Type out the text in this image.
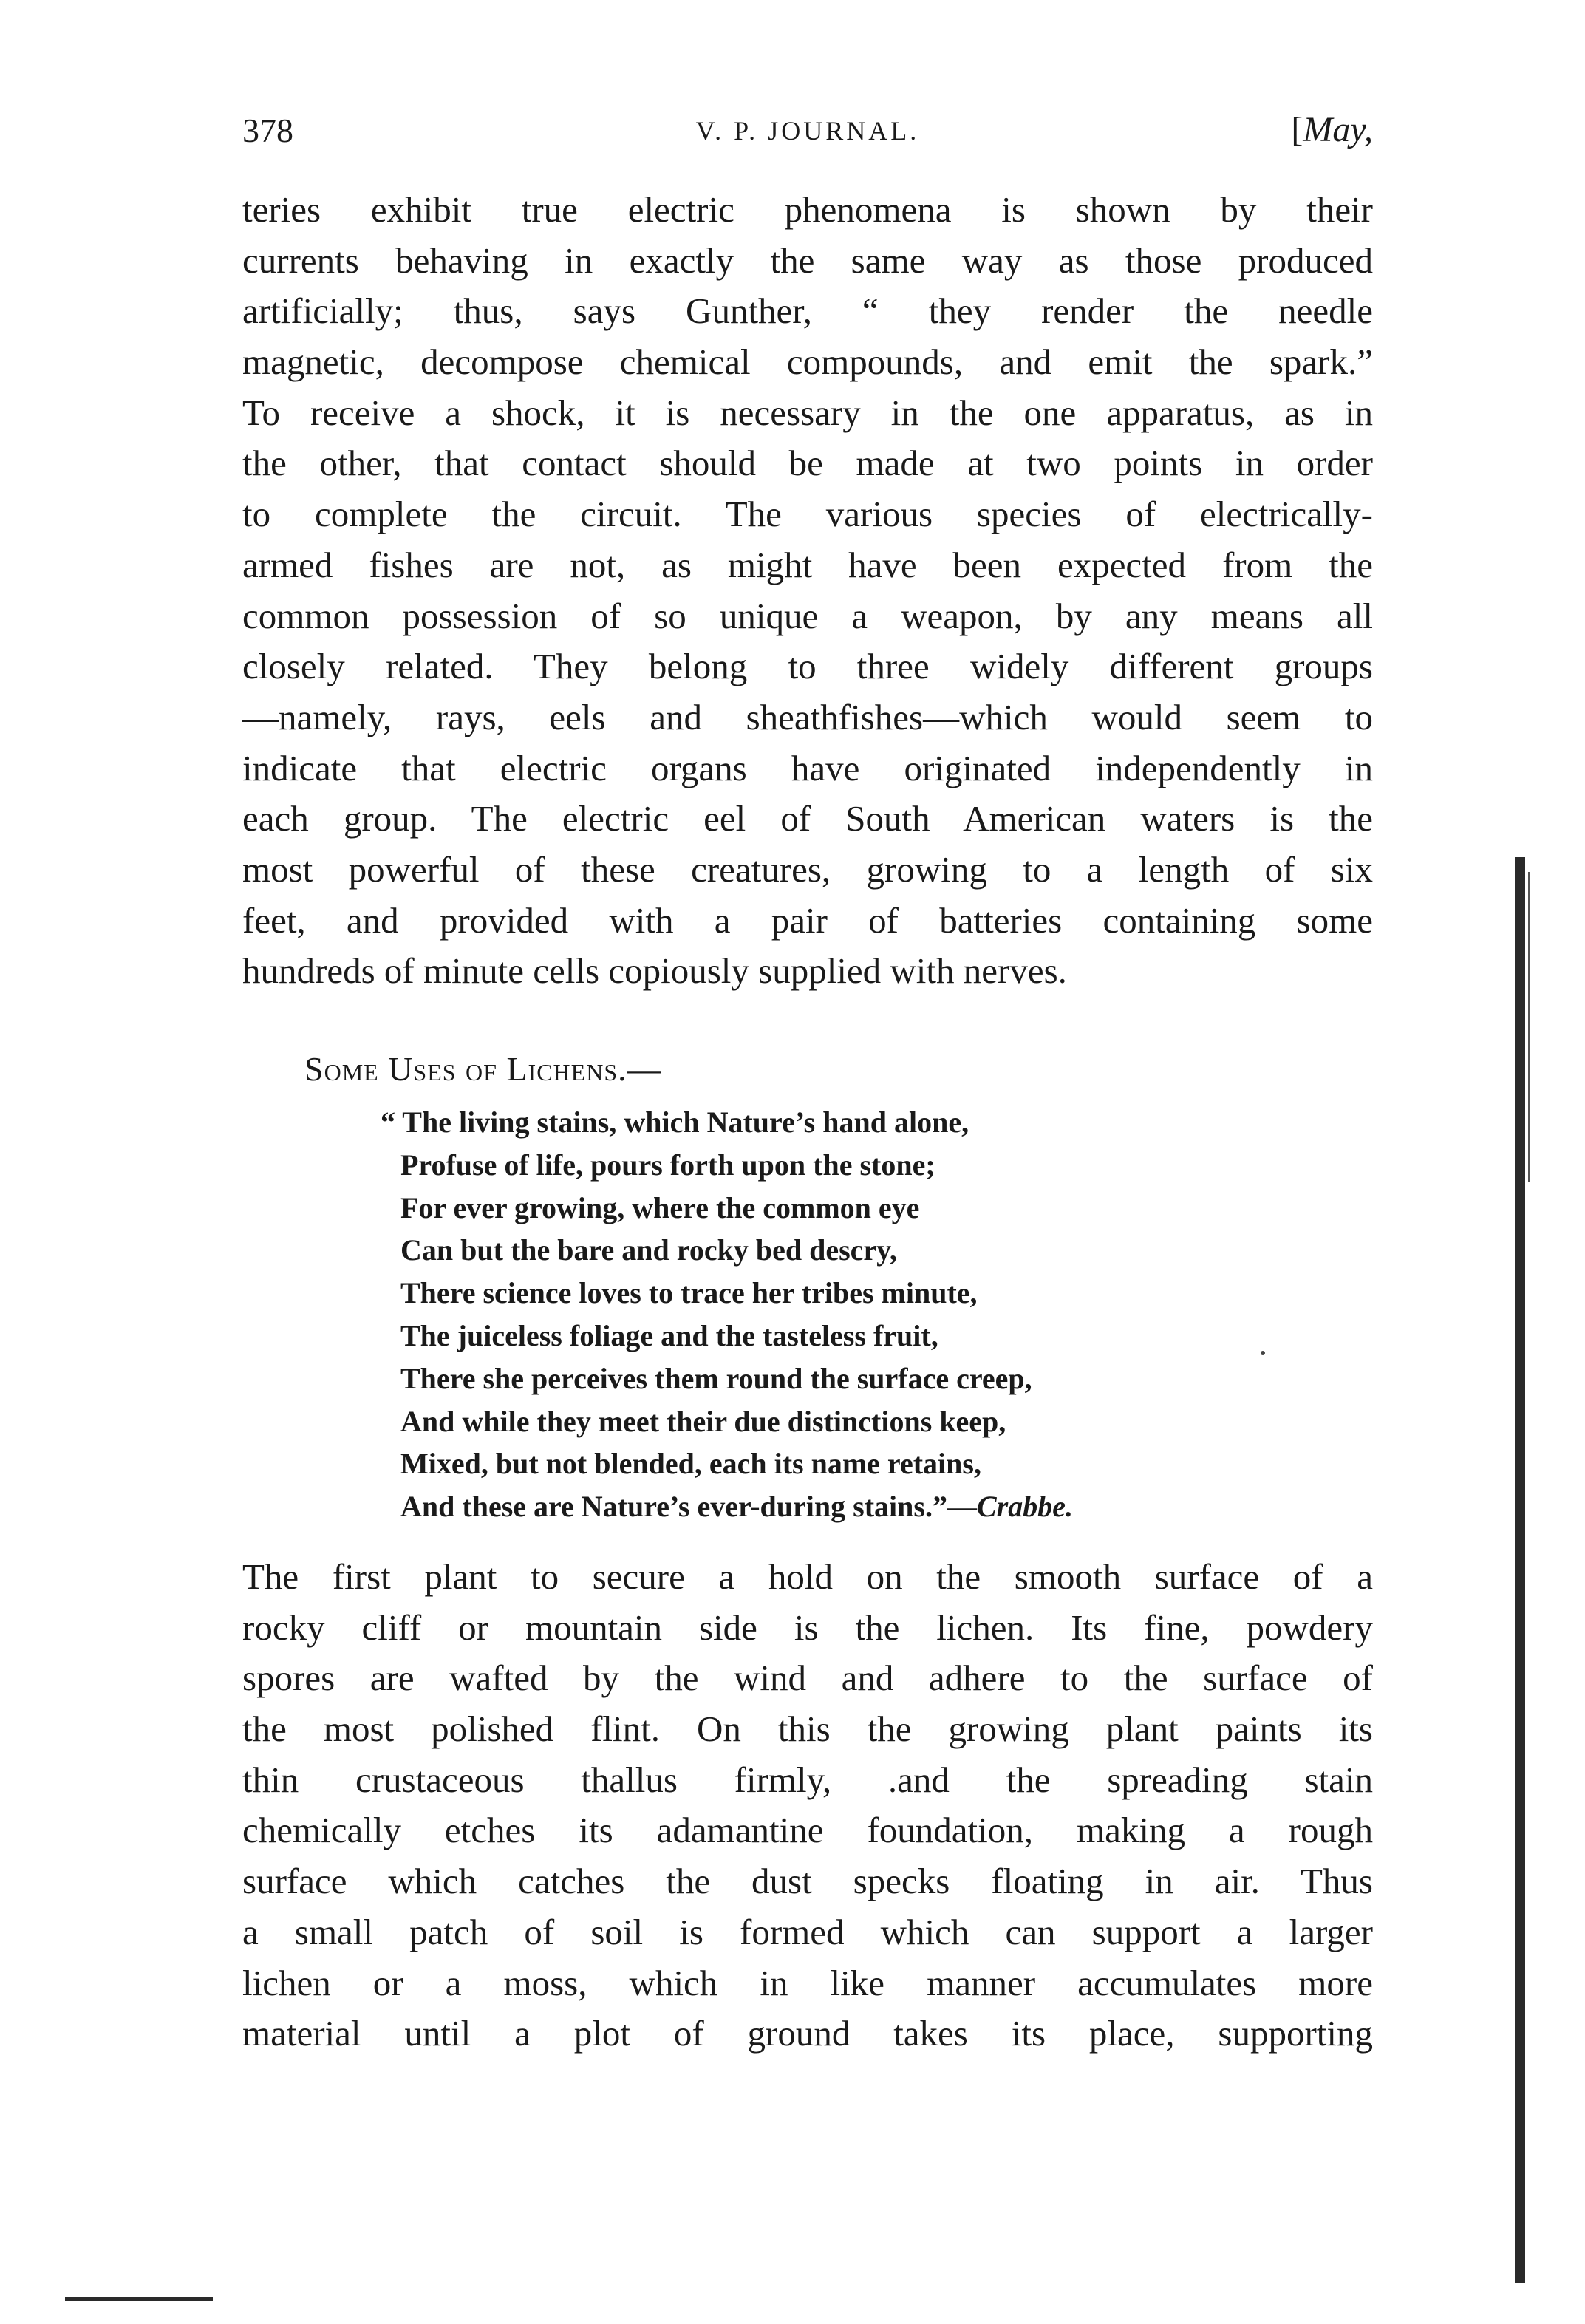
378	V. P. JOURNAL.	[May,
teries exhibit true electric phenomena is shown by their
currents behaving in exactly the same way as those produced
artificially; thus, says Gunther, “ they render the needle
magnetic, decompose chemical compounds, and emit the spark.”
To receive a shock, it is necessary in the one apparatus, as in
the other, that contact should be made at two points in order
to complete the circuit. The various species of electrically-
armed fishes are not, as might have been expected from the
common possession of so unique a weapon, by any means all
closely related. They belong to three widely different groups
—namely, rays, eels and sheathfishes—which would seem to
indicate that electric organs have originated independently in
each group. The electric eel of South American waters is the
most powerful of these creatures, growing to a length of six
feet, and provided with a pair of batteries containing some
hundreds of minute cells copiously supplied with nerves.
Some Uses of Lichens.—
“ The living stains, which Nature’s hand alone,
Profuse of life, pours forth upon the stone;
For ever growing, where the common eye
Can but the bare and rocky bed descry,
There science loves to trace her tribes minute,
The juiceless foliage and the tasteless fruit,
There she perceives them round the surface creep,
And while they meet their due distinctions keep,
Mixed, but not blended, each its name retains,
And these are Nature’s ever-during stains.”—Crabbe.
The first plant to secure a hold on the smooth surface of a
rocky cliff or mountain side is the lichen. Its fine, powdery
spores are wafted by the wind and adhere to the surface of
the most polished flint. On this the growing plant paints its
thin crustaceous thallus firmly, .and the spreading stain
chemically etches its adamantine foundation, making a rough
surface which catches the dust specks floating in air. Thus
a small patch of soil is formed which can support a larger
lichen or a moss, which in like manner accumulates more
material until a plot of ground takes its place, supporting
